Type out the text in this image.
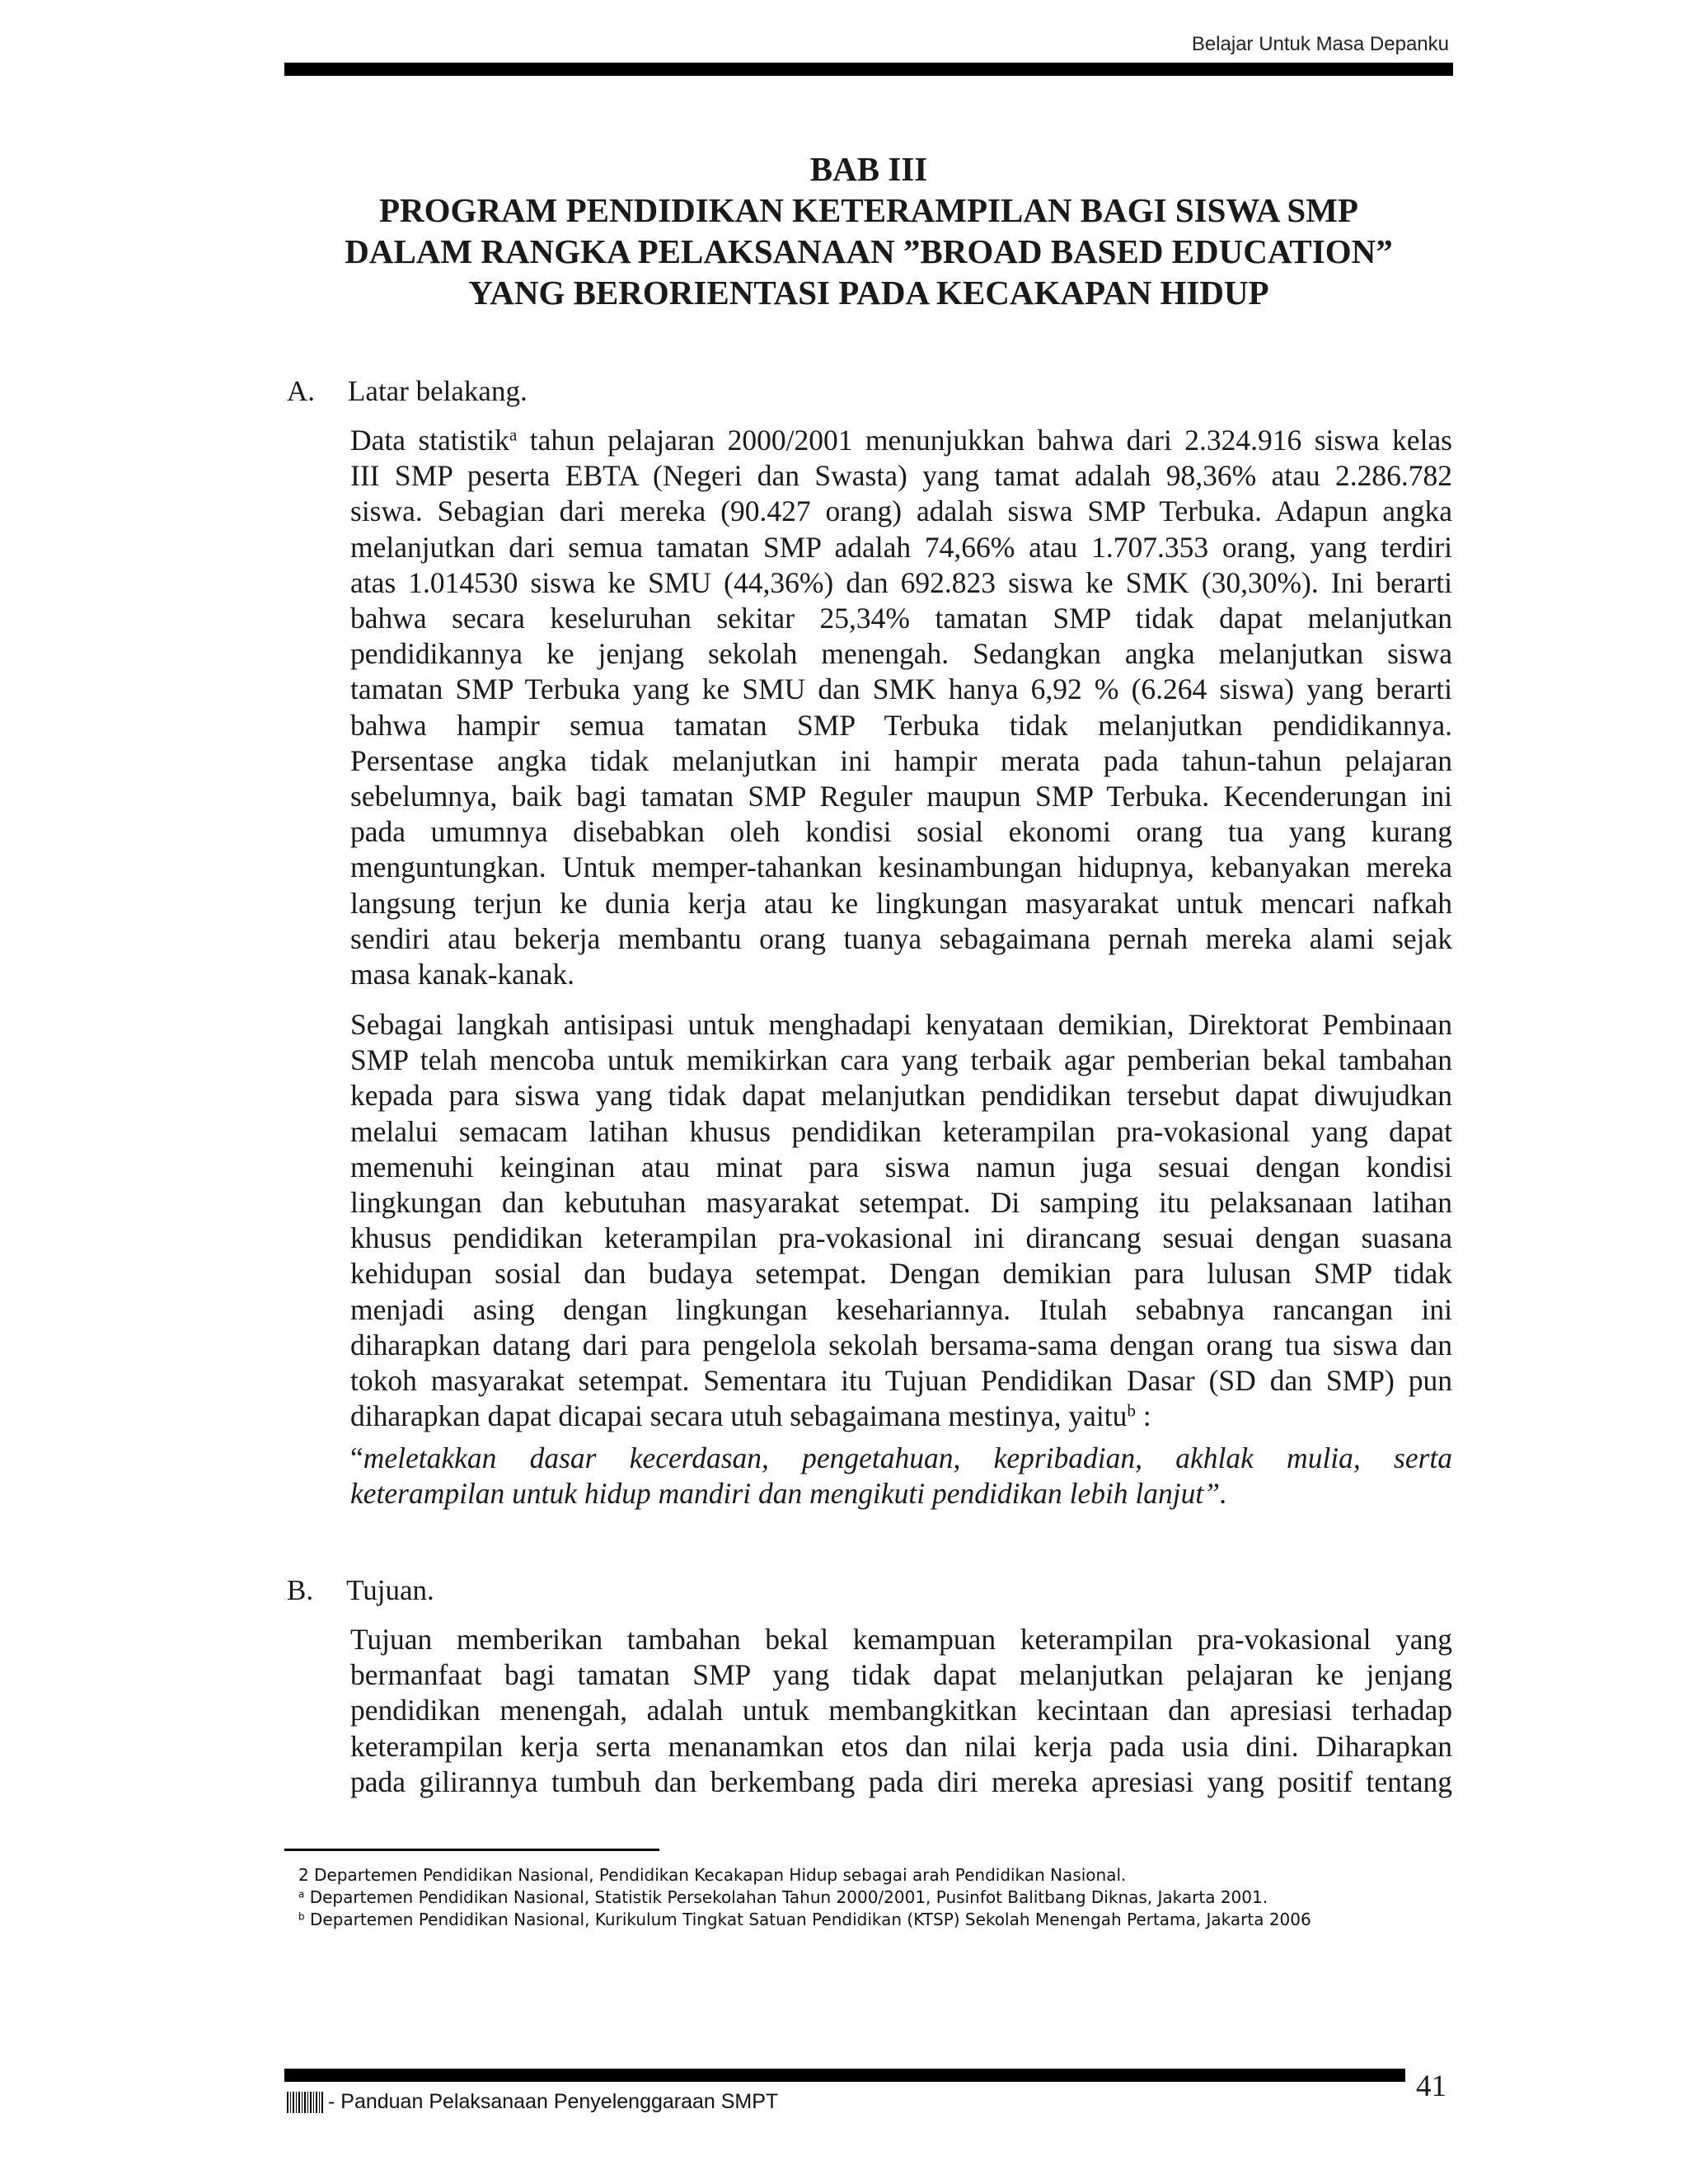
Belajar Untuk Masa Depanku
BAB III
PROGRAM PENDIDIKAN KETERAMPILAN BAGI SISWA SMP
DALAM RANGKA PELAKSANAAN ”BROAD BASED EDUCATION”
YANG BERORIENTASI PADA KECAKAPAN HIDUP
A. Latar belakang.

Data statistik$^a$ tahun pelajaran 2000/2001 menunjukkan bahwa dari 2.324.916 siswa kelas
III SMP peserta EBTA (Negeri dan Swasta) yang tamat adalah 98,36% atau 2.286.782
siswa. Sebagian dari mereka (90.427 orang) adalah siswa SMP Terbuka. Adapun angka
melanjutkan dari semua tamatan SMP adalah 74,66% atau 1.707.353 orang, yang terdiri
atas 1.014530 siswa ke SMU (44,36%) dan 692.823 siswa ke SMK (30,30%). Ini berarti
bahwa secara keseluruhan sekitar 25,34% tamatan SMP tidak dapat melanjutkan
pendidikannya ke jenjang sekolah menengah. Sedangkan angka melanjutkan siswa
tamatan SMP Terbuka yang ke SMU dan SMK hanya 6,92 % (6.264 siswa) yang berarti
bahwa hampir semua tamatan SMP Terbuka tidak melanjutkan pendidikannya.
Persentase angka tidak melanjutkan ini hampir merata pada tahun-tahun pelajaran
sebelumnya, baik bagi tamatan SMP Reguler maupun SMP Terbuka. Kecenderungan ini
pada umumnya disebabkan oleh kondisi sosial ekonomi orang tua yang kurang
menguntungkan. Untuk memper-tahankan kesinambungan hidupnya, kebanyakan mereka
langsung terjun ke dunia kerja atau ke lingkungan masyarakat untuk mencari nafkah
sendiri atau bekerja membantu orang tuanya sebagaimana pernah mereka alami sejak
masa kanak-kanak.

Sebagai langkah antisipasi untuk menghadapi kenyataan demikian, Direktorat Pembinaan
SMP telah mencoba untuk memikirkan cara yang terbaik agar pemberian bekal tambahan
kepada para siswa yang tidak dapat melanjutkan pendidikan tersebut dapat diwujudkan
melalui semacam latihan khusus pendidikan keterampilan pra-vokasional yang dapat
memenuhi keinginan atau minat para siswa namun juga sesuai dengan kondisi
lingkungan dan kebutuhan masyarakat setempat. Di samping itu pelaksanaan latihan
khusus pendidikan keterampilan pra-vokasional ini dirancang sesuai dengan suasana
kehidupan sosial dan budaya setempat. Dengan demikian para lulusan SMP tidak
menjadi asing dengan lingkungan kesehariannya. Itulah sebabnya rancangan ini
diharapkan datang dari para pengelola sekolah bersama-sama dengan orang tua siswa dan
tokoh masyarakat setempat. Sementara itu Tujuan Pendidikan Dasar (SD dan SMP) pun
diharapkan dapat dicapai secara utuh sebagaimana mestinya, yaitu$^b$ :

“meletakkan dasar kecerdasan, pengetahuan, kepribadian, akhlak mulia, serta
keterampilan untuk hidup mandiri dan mengikuti pendidikan lebih lanjut”.

B. Tujuan.

Tujuan memberikan tambahan bekal kemampuan keterampilan pra-vokasional yang
bermanfaat bagi tamatan SMP yang tidak dapat melanjutkan pelajaran ke jenjang
pendidikan menengah, adalah untuk membangkitkan kecintaan dan apresiasi terhadap
keterampilan kerja serta menanamkan etos dan nilai kerja pada usia dini. Diharapkan
pada gilirannya tumbuh dan berkembang pada diri mereka apresiasi yang positif tentang

2 Departemen Pendidikan Nasional, Pendidikan Kecakapan Hidup sebagai arah Pendidikan Nasional.
$^a$ Departemen Pendidikan Nasional, Statistik Persekolahan Tahun 2000/2001, Pusinfot Balitbang Diknas, Jakarta 2001.
$^b$ Departemen Pendidikan Nasional, Kurikulum Tingkat Satuan Pendidikan (KTSP) Sekolah Menengah Pertama, Jakarta 2006
- Panduan Pelaksanaan Penyelenggaraan SMPT	41
